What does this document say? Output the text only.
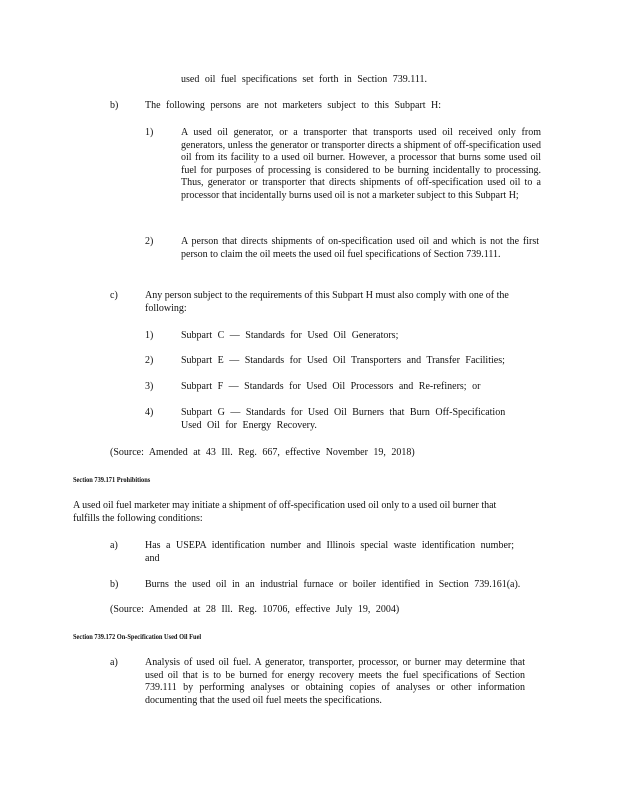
used oil fuel specifications set forth in Section 739.111.
b)	The following persons are not marketers subject to this Subpart H:
1)	A used oil generator, or a transporter that transports used oil received only from generators, unless the generator or transporter directs a shipment of off-specification used oil from its facility to a used oil burner. However, a processor that burns some used oil fuel for purposes of processing is considered to be burning incidentally to processing. Thus, generator or transporter that directs shipments of off-specification used oil to a processor that incidentally burns used oil is not a marketer subject to this Subpart H;
2)	A person that directs shipments of on-specification used oil and which is not the first person to claim the oil meets the used oil fuel specifications of Section 739.111.
c)	Any person subject to the requirements of this Subpart H must also comply with one of the following:
1)	Subpart C — Standards for Used Oil Generators;
2)	Subpart E — Standards for Used Oil Transporters and Transfer Facilities;
3)	Subpart F — Standards for Used Oil Processors and Re-refiners; or
4)	Subpart G — Standards for Used Oil Burners that Burn Off-Specification Used Oil for Energy Recovery.
(Source: Amended at 43 Ill. Reg. 667, effective November 19, 2018)
Section 739.171 Prohibitions
A used oil fuel marketer may initiate a shipment of off-specification used oil only to a used oil burner that fulfills the following conditions:
a)	Has a USEPA identification number and Illinois special waste identification number; and
b)	Burns the used oil in an industrial furnace or boiler identified in Section 739.161(a).
(Source: Amended at 28 Ill. Reg. 10706, effective July 19, 2004)
Section 739.172 On-Specification Used Oil Fuel
a)	Analysis of used oil fuel. A generator, transporter, processor, or burner may determine that used oil that is to be burned for energy recovery meets the fuel specifications of Section 739.111 by performing analyses or obtaining copies of analyses or other information documenting that the used oil fuel meets the specifications.
